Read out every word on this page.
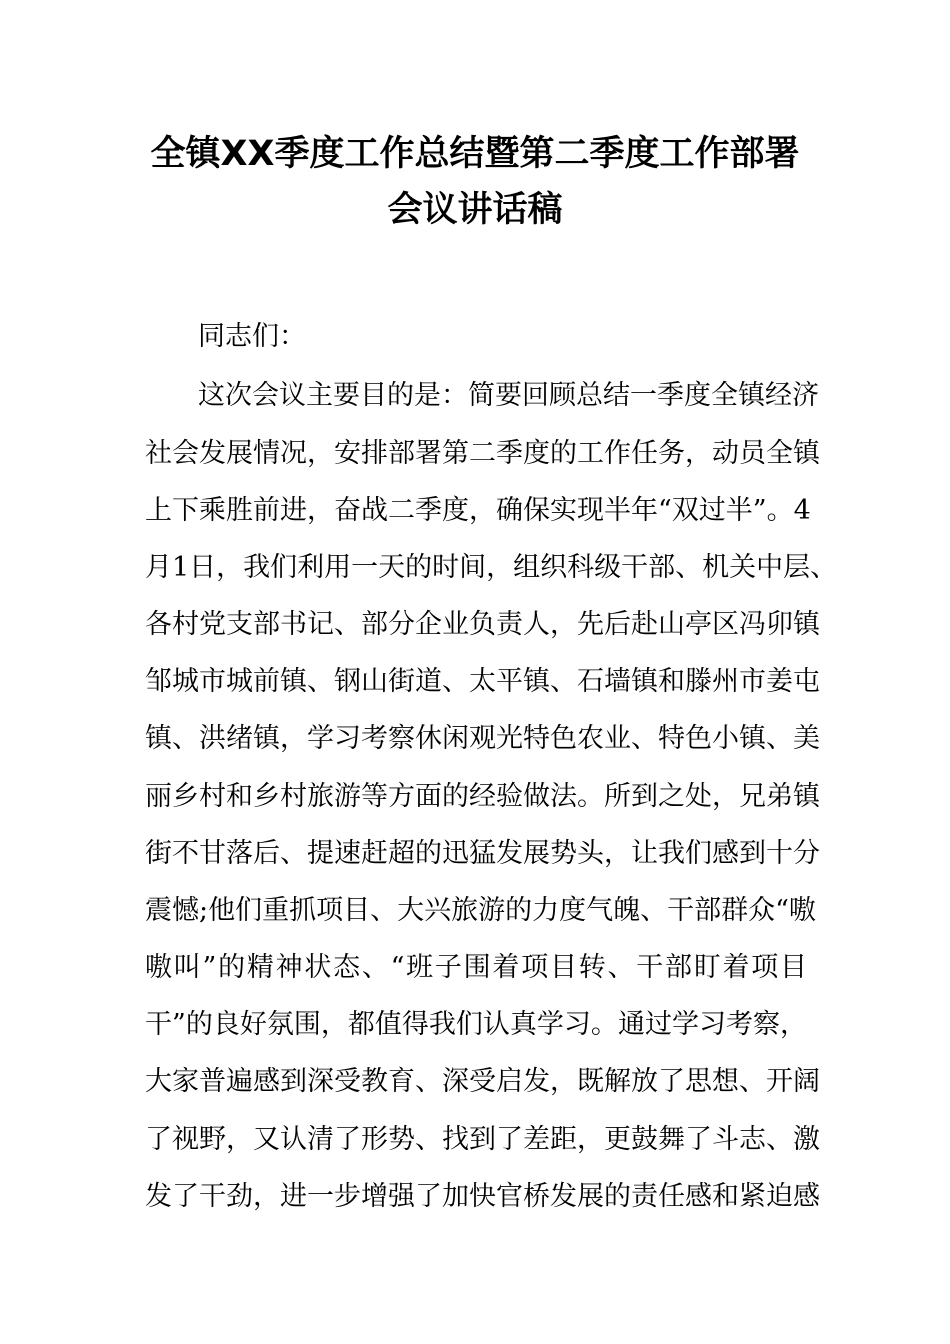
全镇XX季度工作总结暨第二季度工作部署
会议讲话稿
同志们：
这次会议主要目的是：简要回顾总结一季度全镇经济
社会发展情况，安排部署第二季度的工作任务，动员全镇
上下乘胜前进，奋战二季度，确保实现半年“双过半”。4
月1日，我们利用一天的时间，组织科级干部、机关中层、
各村党支部书记、部分企业负责人，先后赴山亭区冯卯镇
邹城市城前镇、钢山街道、太平镇、石墙镇和滕州市姜屯
镇、洪绪镇，学习考察休闲观光特色农业、特色小镇、美
丽乡村和乡村旅游等方面的经验做法。所到之处，兄弟镇
街不甘落后、提速赶超的迅猛发展势头，让我们感到十分
震憾;他们重抓项目、大兴旅游的力度气魄、干部群众“嗷
嗷叫”的精神状态、“班子围着项目转、干部盯着项目
干”的良好氛围，都值得我们认真学习。通过学习考察，
大家普遍感到深受教育、深受启发，既解放了思想、开阔
了视野，又认清了形势、找到了差距，更鼓舞了斗志、激
发了干劲，进一步增强了加快官桥发展的责任感和紧迫感
